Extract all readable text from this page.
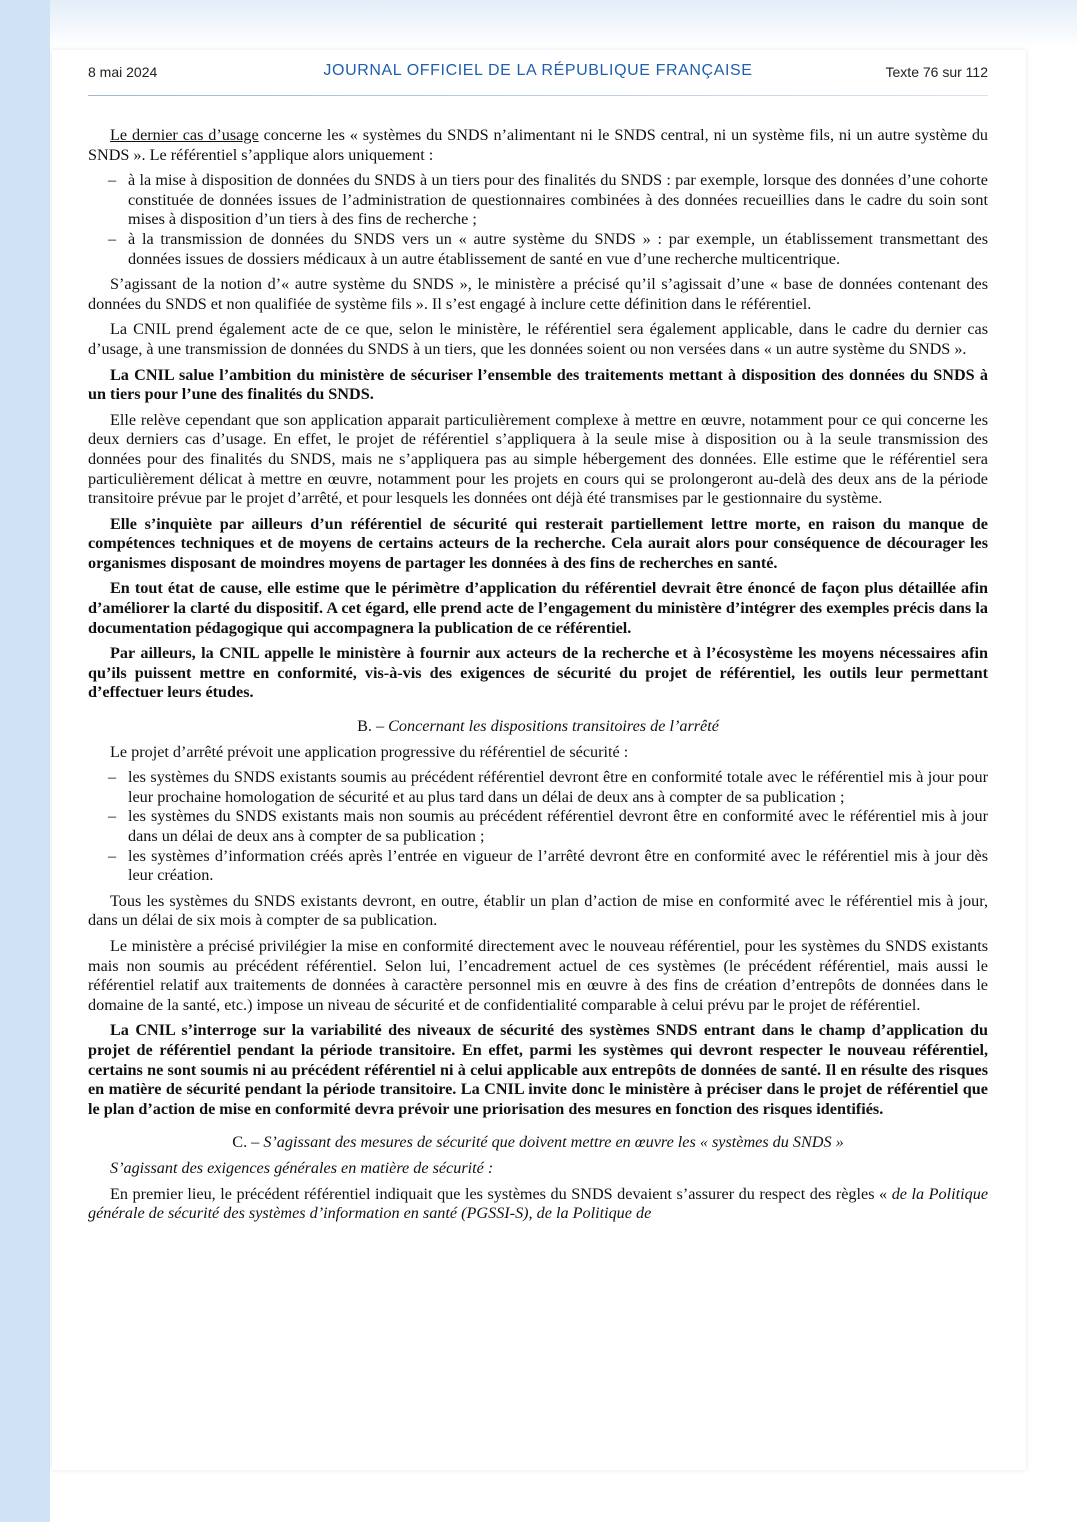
8 mai 2024	JOURNAL OFFICIEL DE LA RÉPUBLIQUE FRANÇAISE	Texte 76 sur 112

Le dernier cas d’usage concerne les « systèmes du SNDS n’alimentant ni le SNDS central, ni un système fils, ni un autre système du SNDS ». Le référentiel s’applique alors uniquement :

– à la mise à disposition de données du SNDS à un tiers pour des finalités du SNDS : par exemple, lorsque des données d’une cohorte constituée de données issues de l’administration de questionnaires combinées à des données recueillies dans le cadre du soin sont mises à disposition d’un tiers à des fins de recherche ;
– à la transmission de données du SNDS vers un « autre système du SNDS » : par exemple, un établissement transmettant des données issues de dossiers médicaux à un autre établissement de santé en vue d’une recherche multicentrique.

S’agissant de la notion d’« autre système du SNDS », le ministère a précisé qu’il s’agissait d’une « base de données contenant des données du SNDS et non qualifiée de système fils ». Il s’est engagé à inclure cette définition dans le référentiel.

La CNIL prend également acte de ce que, selon le ministère, le référentiel sera également applicable, dans le cadre du dernier cas d’usage, à une transmission de données du SNDS à un tiers, que les données soient ou non versées dans « un autre système du SNDS ».

La CNIL salue l’ambition du ministère de sécuriser l’ensemble des traitements mettant à disposition des données du SNDS à un tiers pour l’une des finalités du SNDS.

Elle relève cependant que son application apparait particulièrement complexe à mettre en œuvre, notamment pour ce qui concerne les deux derniers cas d’usage. En effet, le projet de référentiel s’appliquera à la seule mise à disposition ou à la seule transmission des données pour des finalités du SNDS, mais ne s’appliquera pas au simple hébergement des données. Elle estime que le référentiel sera particulièrement délicat à mettre en œuvre, notamment pour les projets en cours qui se prolongeront au-delà des deux ans de la période transitoire prévue par le projet d’arrêté, et pour lesquels les données ont déjà été transmises par le gestionnaire du système.

Elle s’inquiète par ailleurs d’un référentiel de sécurité qui resterait partiellement lettre morte, en raison du manque de compétences techniques et de moyens de certains acteurs de la recherche. Cela aurait alors pour conséquence de décourager les organismes disposant de moindres moyens de partager les données à des fins de recherches en santé.

En tout état de cause, elle estime que le périmètre d’application du référentiel devrait être énoncé de façon plus détaillée afin d’améliorer la clarté du dispositif. A cet égard, elle prend acte de l’engagement du ministère d’intégrer des exemples précis dans la documentation pédagogique qui accompagnera la publication de ce référentiel.

Par ailleurs, la CNIL appelle le ministère à fournir aux acteurs de la recherche et à l’écosystème les moyens nécessaires afin qu’ils puissent mettre en conformité, vis-à-vis des exigences de sécurité du projet de référentiel, les outils leur permettant d’effectuer leurs études.

B. – Concernant les dispositions transitoires de l’arrêté

Le projet d’arrêté prévoit une application progressive du référentiel de sécurité :

– les systèmes du SNDS existants soumis au précédent référentiel devront être en conformité totale avec le référentiel mis à jour pour leur prochaine homologation de sécurité et au plus tard dans un délai de deux ans à compter de sa publication ;
– les systèmes du SNDS existants mais non soumis au précédent référentiel devront être en conformité avec le référentiel mis à jour dans un délai de deux ans à compter de sa publication ;
– les systèmes d’information créés après l’entrée en vigueur de l’arrêté devront être en conformité avec le référentiel mis à jour dès leur création.

Tous les systèmes du SNDS existants devront, en outre, établir un plan d’action de mise en conformité avec le référentiel mis à jour, dans un délai de six mois à compter de sa publication.

Le ministère a précisé privilégier la mise en conformité directement avec le nouveau référentiel, pour les systèmes du SNDS existants mais non soumis au précédent référentiel. Selon lui, l’encadrement actuel de ces systèmes (le précédent référentiel, mais aussi le référentiel relatif aux traitements de données à caractère personnel mis en œuvre à des fins de création d’entrepôts de données dans le domaine de la santé, etc.) impose un niveau de sécurité et de confidentialité comparable à celui prévu par le projet de référentiel.

La CNIL s’interroge sur la variabilité des niveaux de sécurité des systèmes SNDS entrant dans le champ d’application du projet de référentiel pendant la période transitoire. En effet, parmi les systèmes qui devront respecter le nouveau référentiel, certains ne sont soumis ni au précédent référentiel ni à celui applicable aux entrepôts de données de santé. Il en résulte des risques en matière de sécurité pendant la période transitoire. La CNIL invite donc le ministère à préciser dans le projet de référentiel que le plan d’action de mise en conformité devra prévoir une priorisation des mesures en fonction des risques identifiés.

C. – S’agissant des mesures de sécurité que doivent mettre en œuvre les « systèmes du SNDS »

S’agissant des exigences générales en matière de sécurité :

En premier lieu, le précédent référentiel indiquait que les systèmes du SNDS devaient s’assurer du respect des règles « de la Politique générale de sécurité des systèmes d’information en santé (PGSSI-S), de la Politique de
